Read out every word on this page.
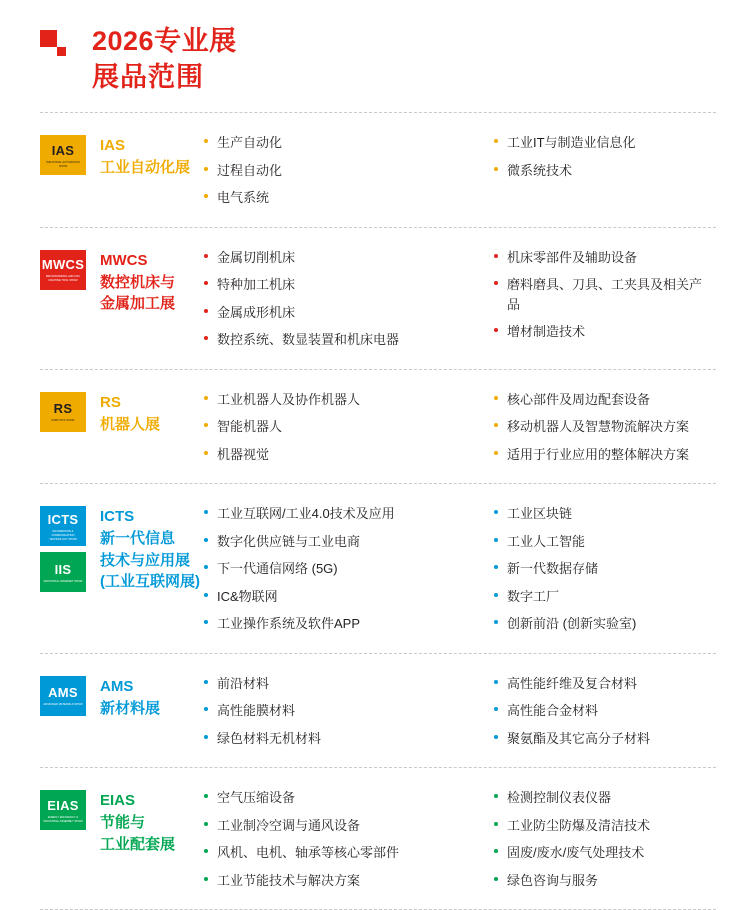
2026专业展
展品范围
IAS
INDUSTRIAL AUTOMATION SHOW
IAS
工业自动化展
生产自动化
过程自动化
电气系统
工业IT与制造业信息化
微系统技术
MWCS
METALWORKING AND CNC MACHINE TOOL SHOW
MWCS
数控机床与
金属加工展
金属切削机床
特种加工机床
金属成形机床
数控系统、数显装置和机床电器
机床零部件及辅助设备
磨料磨具、刀具、工夹具及相关产品
增材制造技术
RS
ROBOTICS SHOW
RS
机器人展
工业机器人及协作机器人
智能机器人
机器视觉
核心部件及周边配套设备
移动机器人及智慧物流解决方案
适用于行业应用的整体解决方案
ICTS
INFORMATION & COMMUNICATION TECHNOLOGY SHOW
IIS
INDUSTRIAL INTERNET SHOW
ICTS
新一代信息
技术与应用展
(工业互联网展)
工业互联网/工业4.0技术及应用
数字化供应链与工业电商
下一代通信网络 (5G)
IC&物联网
工业操作系统及软件APP
工业区块链
工业人工智能
新一代数据存储
数字工厂
创新前沿 (创新实验室)
AMS
ADVANCED MATERIALS SHOW
AMS
新材料展
前沿材料
高性能膜材料
绿色材料无机材料
高性能纤维及复合材料
高性能合金材料
聚氨酯及其它高分子材料
EIAS
ENERGY EFFICIENCY & INDUSTRIAL ASSEMBLY SHOW
EIAS
节能与
工业配套展
空气压缩设备
工业制冷空调与通风设备
风机、电机、轴承等核心零部件
工业节能技术与解决方案
检测控制仪表仪器
工业防尘防爆及清洁技术
固废/废水/废气处理技术
绿色咨询与服务
